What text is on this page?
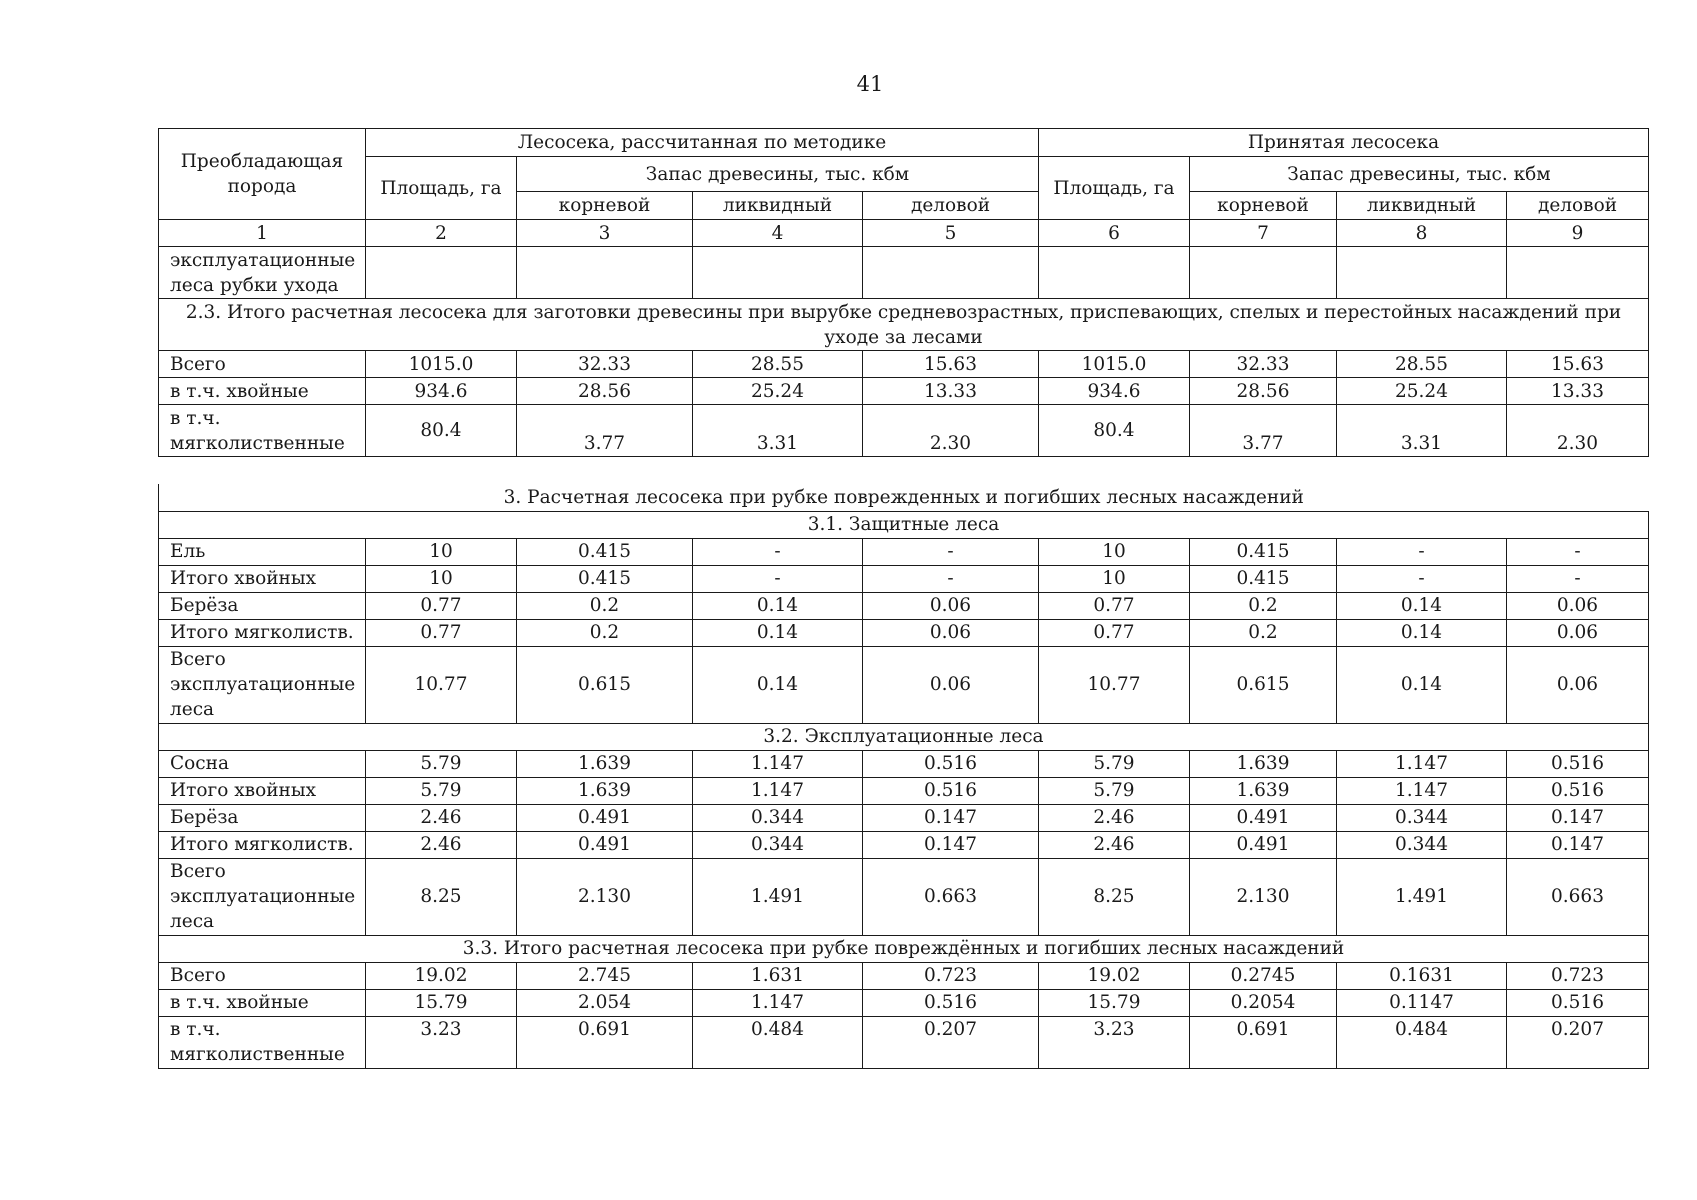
41
Преобладающая порода	Лесосека, рассчитанная по методике				Принятая лесосека			
	Площадь, га	Запас древесины, тыс. кбм			Площадь, га	Запас древесины, тыс. кбм		
		корневой	ликвидный	деловой		корневой	ликвидный	деловой
1	2	3	4	5	6	7	8	9
эксплуатационные леса рубки ухода								
2.3. Итого расчетная лесосека для заготовки древесины при вырубке средневозрастных, приспевающих, спелых и перестойных насаждений при уходе за лесами								
Всего	1015.0	32.33	28.55	15.63	1015.0	32.33	28.55	15.63
в т.ч. хвойные	934.6	28.56	25.24	13.33	934.6	28.56	25.24	13.33
в т.ч. мягколиственные	80.4	3.77	3.31	2.30	80.4	3.77	3.31	2.30
3. Расчетная лесосека при рубке поврежденных и погибших лесных насаждений								
3.1. Защитные леса								
Ель	10	0.415	-	-	10	0.415	-	-
Итого хвойных	10	0.415	-	-	10	0.415	-	-
Берёза	0.77	0.2	0.14	0.06	0.77	0.2	0.14	0.06
Итого мягколиств.	0.77	0.2	0.14	0.06	0.77	0.2	0.14	0.06
Всего эксплуатационные леса	10.77	0.615	0.14	0.06	10.77	0.615	0.14	0.06
3.2. Эксплуатационные леса								
Сосна	5.79	1.639	1.147	0.516	5.79	1.639	1.147	0.516
Итого хвойных	5.79	1.639	1.147	0.516	5.79	1.639	1.147	0.516
Берёза	2.46	0.491	0.344	0.147	2.46	0.491	0.344	0.147
Итого мягколиств.	2.46	0.491	0.344	0.147	2.46	0.491	0.344	0.147
Всего эксплуатационные леса	8.25	2.130	1.491	0.663	8.25	2.130	1.491	0.663
3.3. Итого расчетная лесосека при рубке повреждённых и погибших лесных насаждений								
Всего	19.02	2.745	1.631	0.723	19.02	0.2745	0.1631	0.723
в т.ч. хвойные	15.79	2.054	1.147	0.516	15.79	0.2054	0.1147	0.516
в т.ч. мягколиственные	3.23	0.691	0.484	0.207	3.23	0.691	0.484	0.207
